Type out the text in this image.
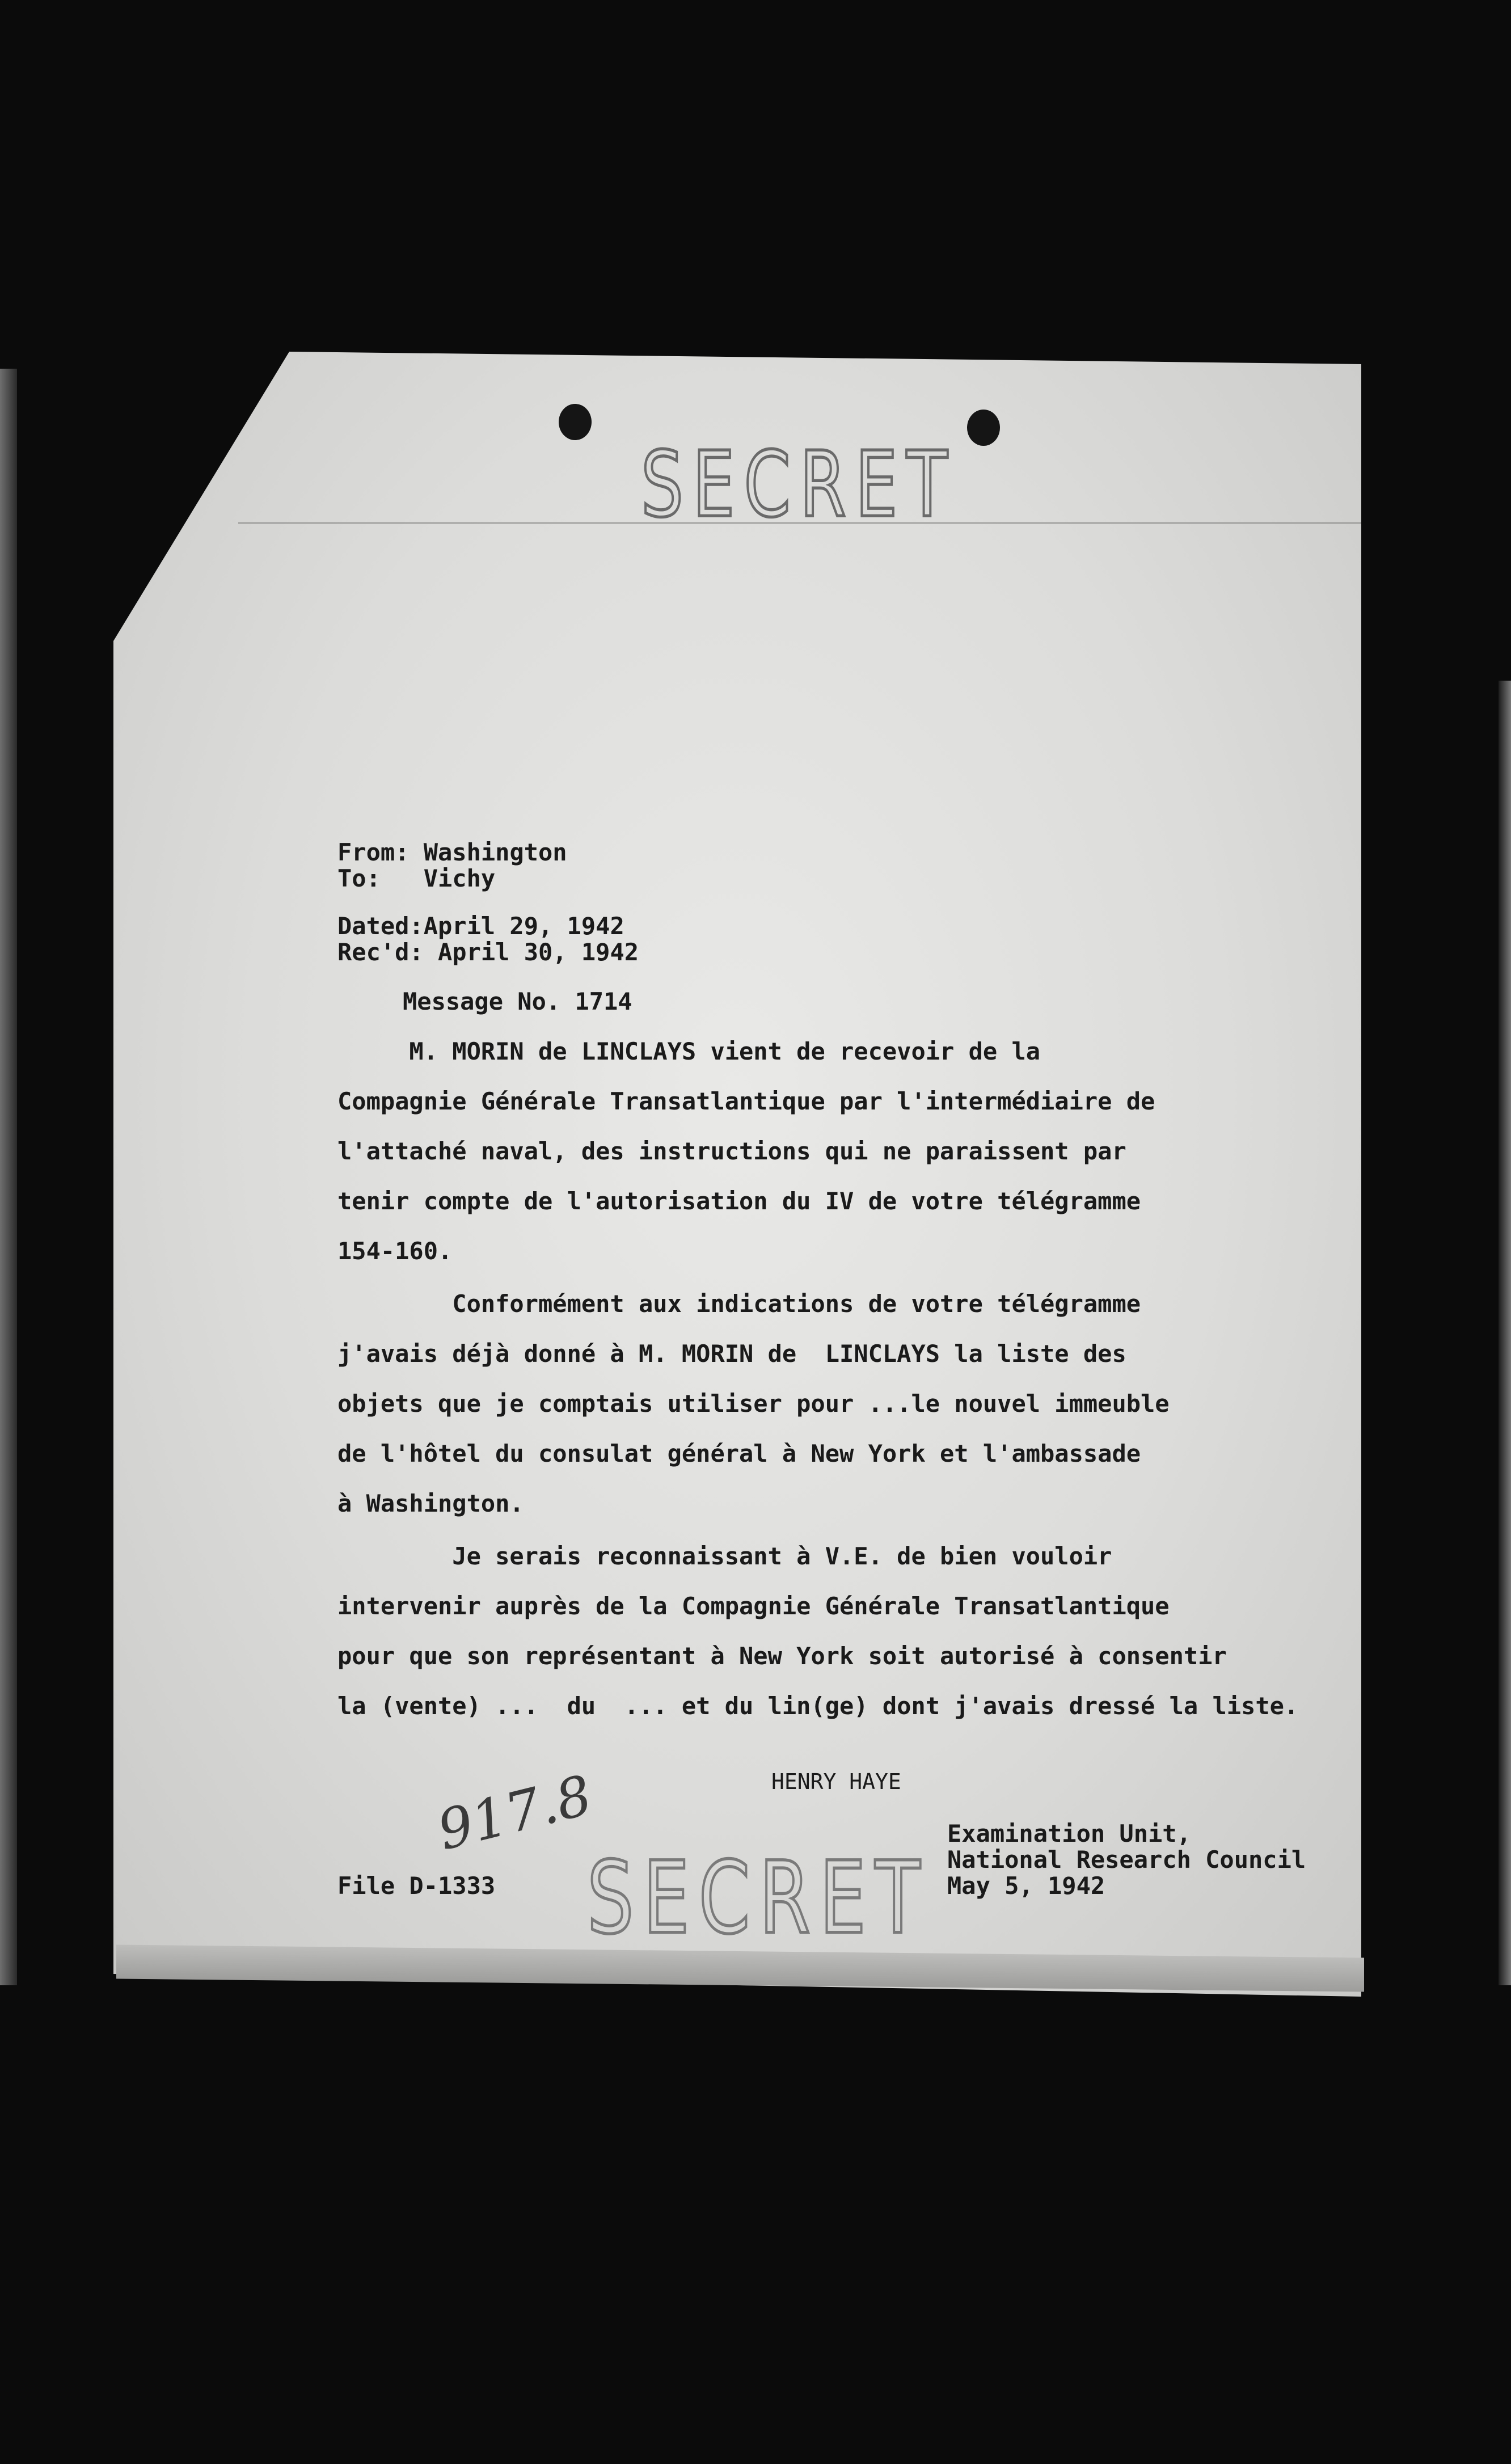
SECRET
From: Washington
To: Vichy
Dated:April 29, 1942
Rec'd: April 30, 1942
Message No. 1714
M. MORIN de LINCLAYS vient de recevoir de la
Compagnie Générale Transatlantique par l'intermédiaire de
l'attaché naval, des instructions qui ne paraissent par
tenir compte de l'autorisation du IV de votre télégramme
154-160.
Conformément aux indications de votre télégramme
j'avais déjà donné à M. MORIN de  LINCLAYS la liste des
objets que je comptais utiliser pour ...le nouvel immeuble
de l'hôtel du consulat général à New York et l'ambassade
à Washington.
Je serais reconnaissant à V.E. de bien vouloir
intervenir auprès de la Compagnie Générale Transatlantique
pour que son représentant à New York soit autorisé à consentir
la (vente) ...  du  ... et du lin(ge) dont j'avais dressé la liste.
HENRY HAYE
917.8	Examination Unit,
National Research Council
May 5, 1942
File D-1333 SECRET
